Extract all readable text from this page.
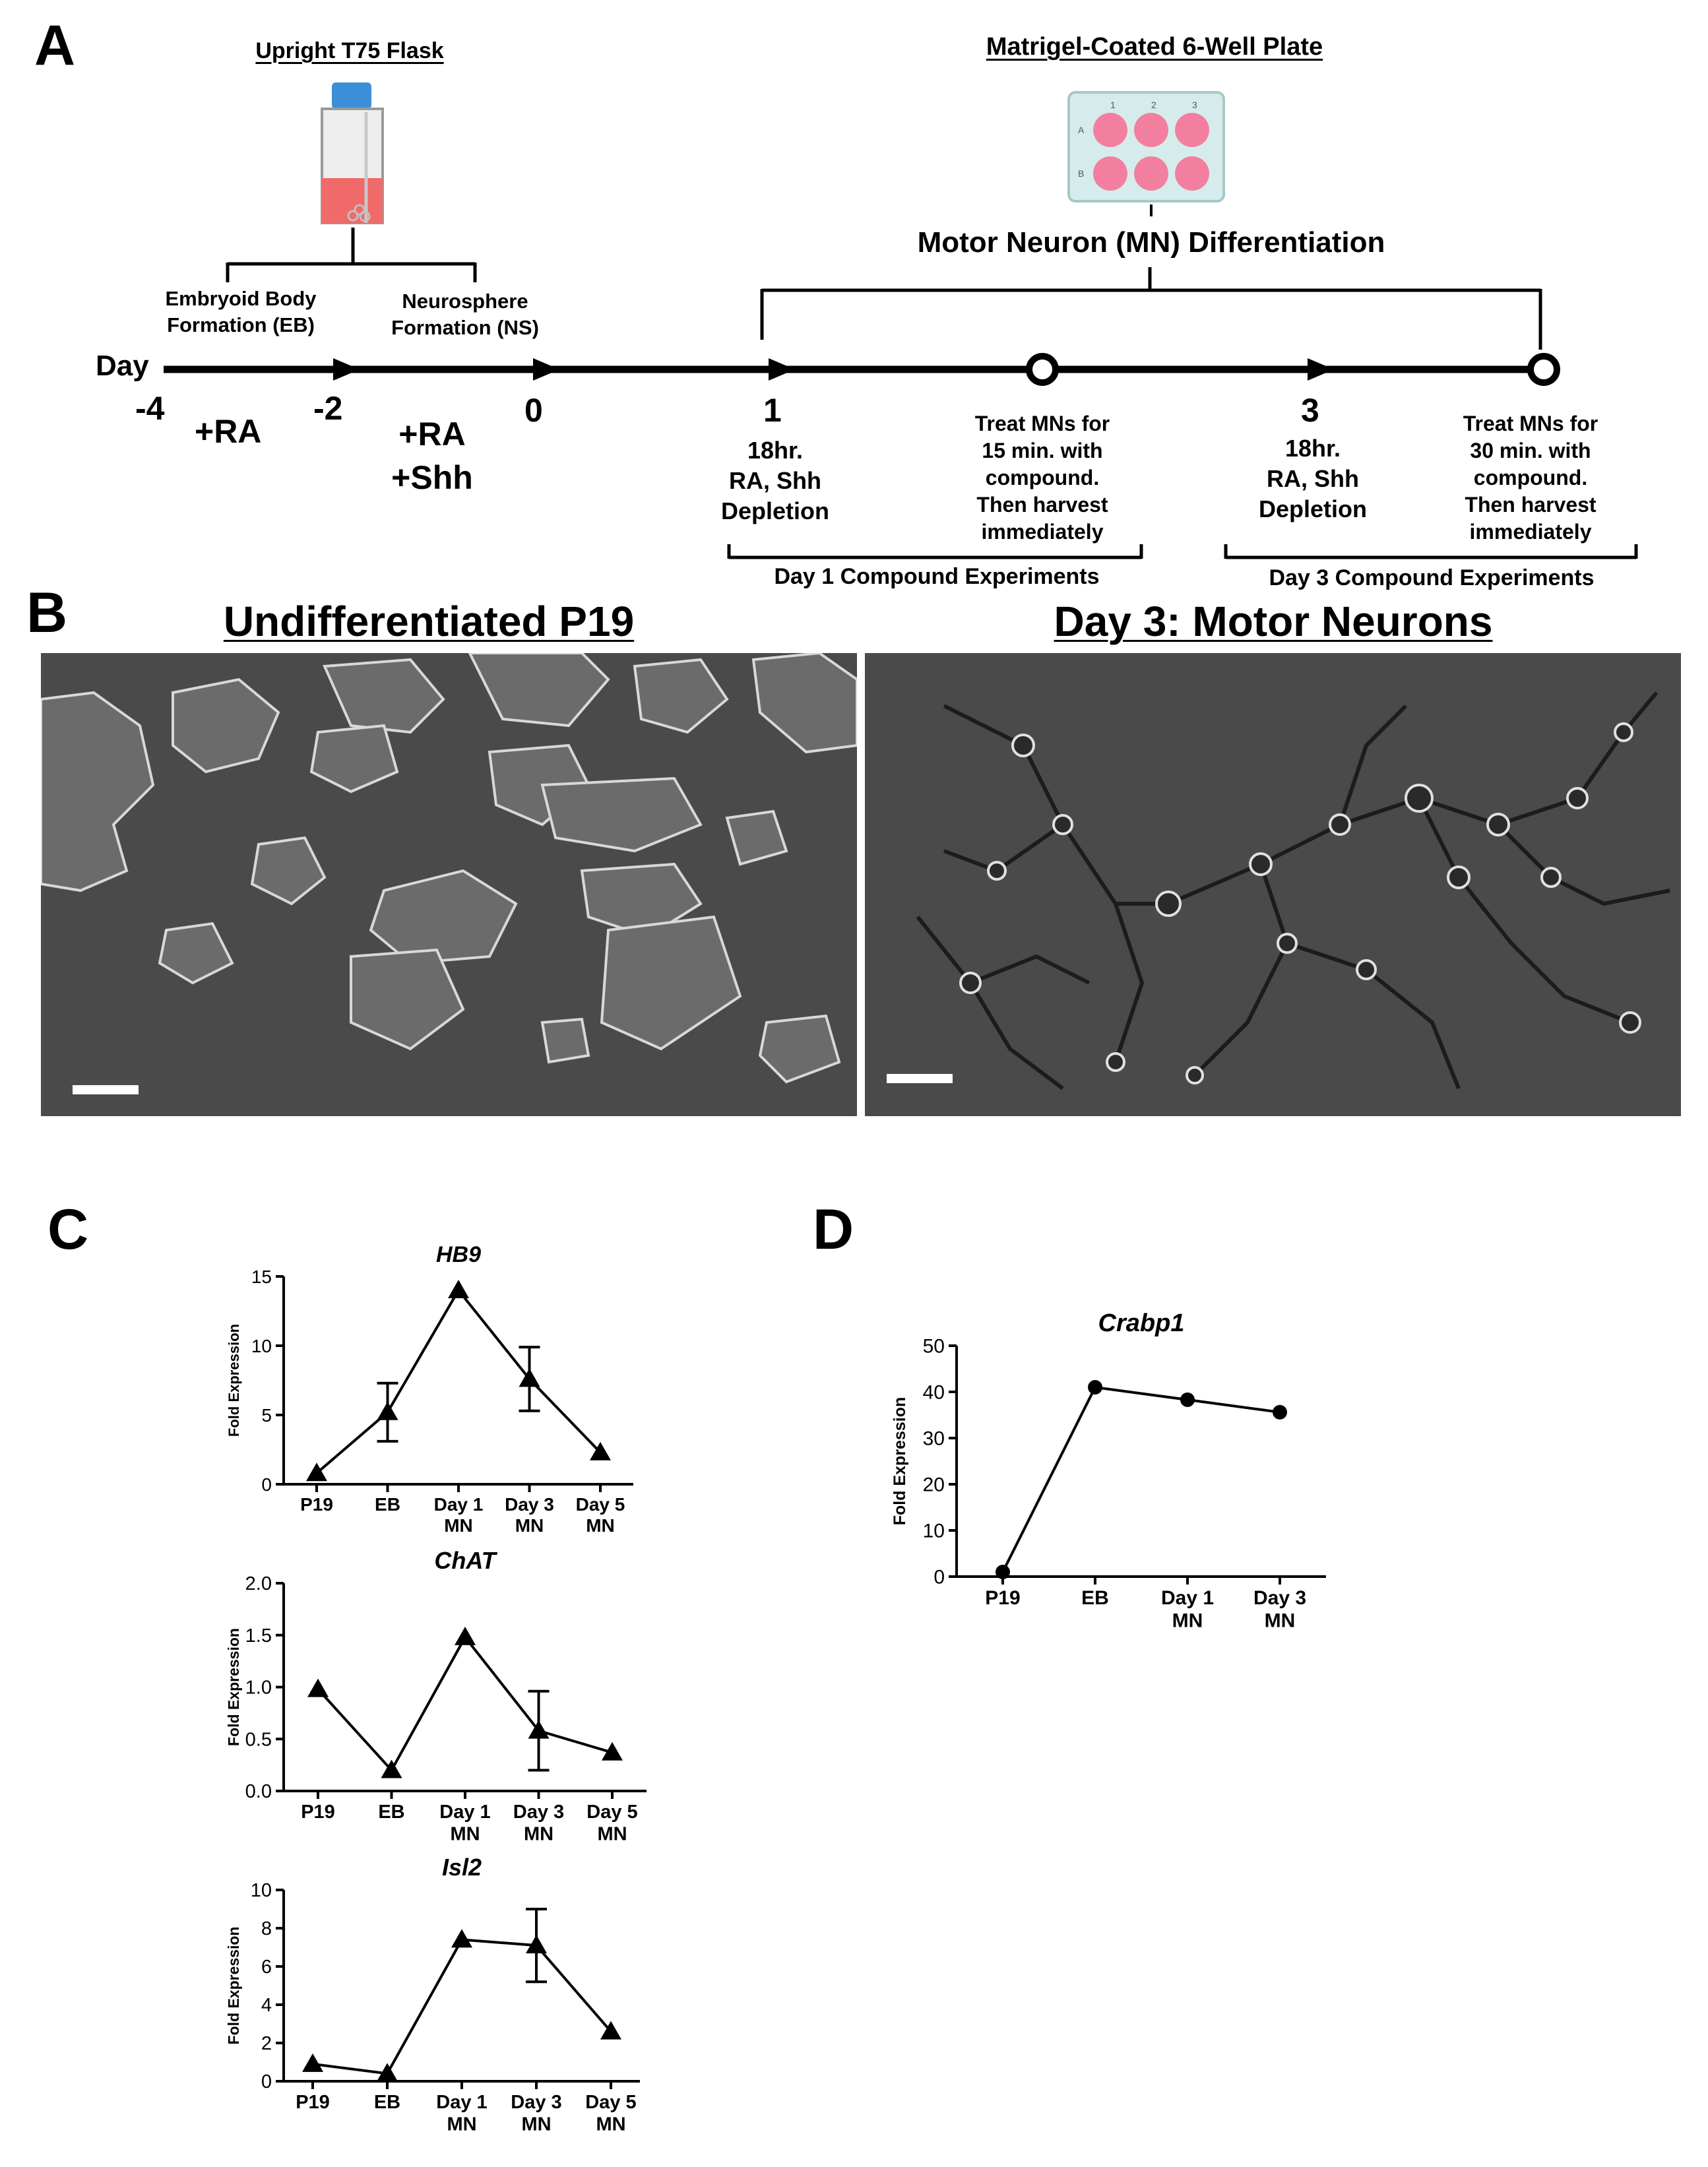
A	Upright T75 Flask	Matrigel-Coated 6-Well Plate
1	2	3
A
B
Motor Neuron (MN) Differentiation
Embryoid Body
Formation (EB)
Neurosphere
Formation (NS)
Day
-4	-2	0	1	3
+RA	+RA
+Shh
18hr.
RA, Shh
Depletion
18hr.
RA, Shh
Depletion
Treat MNs for
15 min. with
compound.
Then harvest
immediately
Treat MNs for
30 min. with
compound.
Then harvest
immediately
Day 1 Compound Experiments	Day 3 Compound Experiments
B	Undifferentiated P19	Day 3: Motor Neurons
C	D
HB9
0
5
10
15
Fold Expression
P19 EB Day 1
MN
Day 3
MN
Day 5
MN
ChAT
0.0
0.5
1.0
1.5
2.0
Fold Expression
P19 EB Day 1
MN
Day 3
MN
Day 5
MN
Isl2
0
2
4
6
8
10
Fold Expression
P19 EB Day 1
MN
Day 3
MN
Day 5
MN
Crabp1
0
10
20
30
40
50
Fold Expression
P19	EB	Day 1
MN
Day 3
MN
